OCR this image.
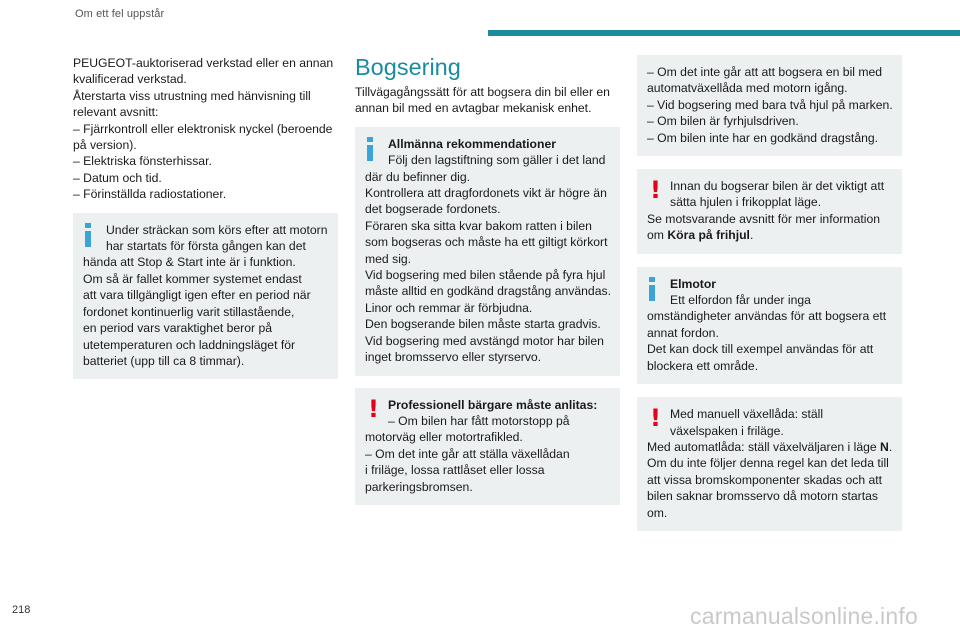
Om ett fel uppstår
PEUGEOT-auktoriserad verkstad eller en annan
kvalificerad verkstad.
Återstarta viss utrustning med hänvisning till
relevant avsnitt:
– Fjärrkontroll eller elektronisk nyckel (beroende
på version).
– Elektriska fönsterhissar.
– Datum och tid.
– Förinställda radiostationer.
Under sträckan som körs efter att motorn
har startats för första gången kan det
hända att Stop & Start inte är i funktion.
Om så är fallet kommer systemet endast
att vara tillgängligt igen efter en period när
fordonet kontinuerlig varit stillastående,
en period vars varaktighet beror på
utetemperaturen och laddningsläget för
batteriet (upp till ca 8 timmar).
Bogsering
Tillvägagångssätt för att bogsera din bil eller en
annan bil med en avtagbar mekanisk enhet.
Allmänna rekommendationer
Följ den lagstiftning som gäller i det land
där du befinner dig.
Kontrollera att dragfordonets vikt är högre än
det bogserade fordonets.
Föraren ska sitta kvar bakom ratten i bilen
som bogseras och måste ha ett giltigt körkort
med sig.
Vid bogsering med bilen stående på fyra hjul
måste alltid en godkänd dragstång användas.
Linor och remmar är förbjudna.
Den bogserande bilen måste starta gradvis.
Vid bogsering med avstängd motor har bilen
inget bromsservo eller styrservo.
! Professionell bärgare måste anlitas:
– Om bilen har fått motorstopp på
motorväg eller motortrafikled.
– Om det inte går att ställa växellådan
i friläge, lossa rattlåset eller lossa
parkeringsbromsen.
– Om det inte går att att bogsera en bil med
automatväxellåda med motorn igång.
– Vid bogsering med bara två hjul på marken.
– Om bilen är fyrhjulsdriven.
– Om bilen inte har en godkänd dragstång.
! Innan du bogserar bilen är det viktigt att
sätta hjulen i frikopplat läge.
Se motsvarande avsnitt för mer information
om Köra på frihjul.
Elmotor
Ett elfordon får under inga
omständigheter användas för att bogsera ett
annat fordon.
Det kan dock till exempel användas för att
blockera ett område.
! Med manuell växellåda: ställ
växelspaken i friläge.
Med automatlåda: ställ växelväljaren i läge N.
Om du inte följer denna regel kan det leda till
att vissa bromskomponenter skadas och att
bilen saknar bromsservo då motorn startas
om.
218	carmanualsonline.info
